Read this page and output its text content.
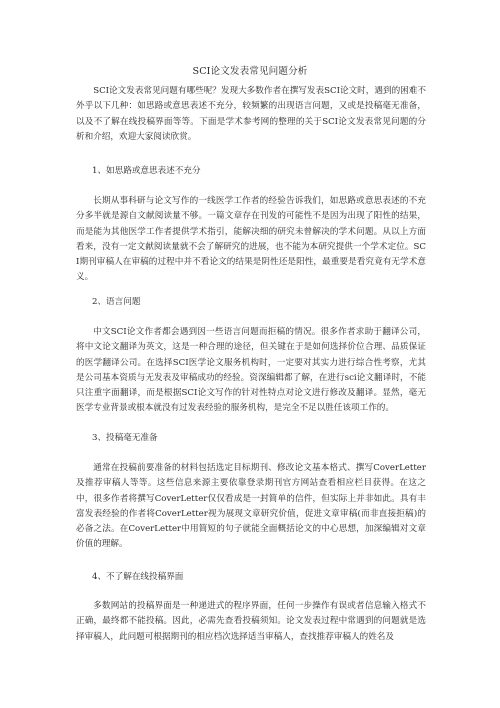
SCI论文发表常见问题分析

SCI论文发表常见问题有哪些呢？发现大多数作者在撰写发表SCI论文时，遇到的困难不外乎以下几种：如思路或意思表述不充分，较频繁的出现语言问题，又或是投稿毫无准备，以及不了解在线投稿界面等等。下面是学术参考网的整理的关于SCI论文发表常见问题的分析和介绍，欢迎大家阅读欣赏。

1、如思路或意思表述不充分

长期从事科研与论文写作的一线医学工作者的经验告诉我们，如思路或意思表述的不充分多半就是源自文献阅读量不够。一篇文章存在刊发的可能性不是因为出现了阳性的结果，而是能为其他医学工作者提供学术指引，能解决细的研究未曾解决的学术问题。从以上方面看来，没有一定文献阅读量就不会了解研究的进展，也不能为本研究提供一个学术定位。SCI期刊审稿人在审稿的过程中并不看论文的结果是阴性还是阳性，最重要是看究竟有无学术意义。

2、语言问题

中文SCI论文作者都会遇到因一些语言问题而拒稿的情况。很多作者求助于翻译公司，将中文论文翻译为英文，这是一种合理的途径，但关键在于是如何选择价位合理、品质保证的医学翻译公司。在选择SCI医学论文服务机构时，一定要对其实力进行综合性考察，尤其是公司基本资质与无发表及审稿成功的经验。资深编辑都了解，在进行sci论文翻译时，不能只注重字面翻译，而是根据SCI论文写作的针对性特点对论文进行修改及翻译。显然，毫无医学专业背景或根本就没有过发表经验的服务机构，是完全不足以胜任该项工作的。

3、投稿毫无准备

通常在投稿前要准备的材料包括选定目标期刊、修改论文基本格式、撰写CoverLetter及推荐审稿人等等。这些信息来源主要依靠登录期刊官方网站查看相应栏目获得。在这之中，很多作者将撰写CoverLetter仅仅看成是一封简单的信件，但实际上并非如此。具有丰富发表经验的作者将CoverLetter视为展现文章研究价值，促进文章审稿(而非直接拒稿)的必备之法。在CoverLetter中用简短的句子就能全面概括论文的中心思想，加深编辑对文章价值的理解。

4、不了解在线投稿界面

多数网站的投稿界面是一种递进式的程序界面，任何一步操作有误或者信息输入格式不正确，最终都不能投稿。因此，必需先查看投稿须知。论文发表过程中常遇到的问题就是选择审稿人，此问题可根据期刊的相应档次选择适当审稿人，查找推荐审稿人的姓名及
